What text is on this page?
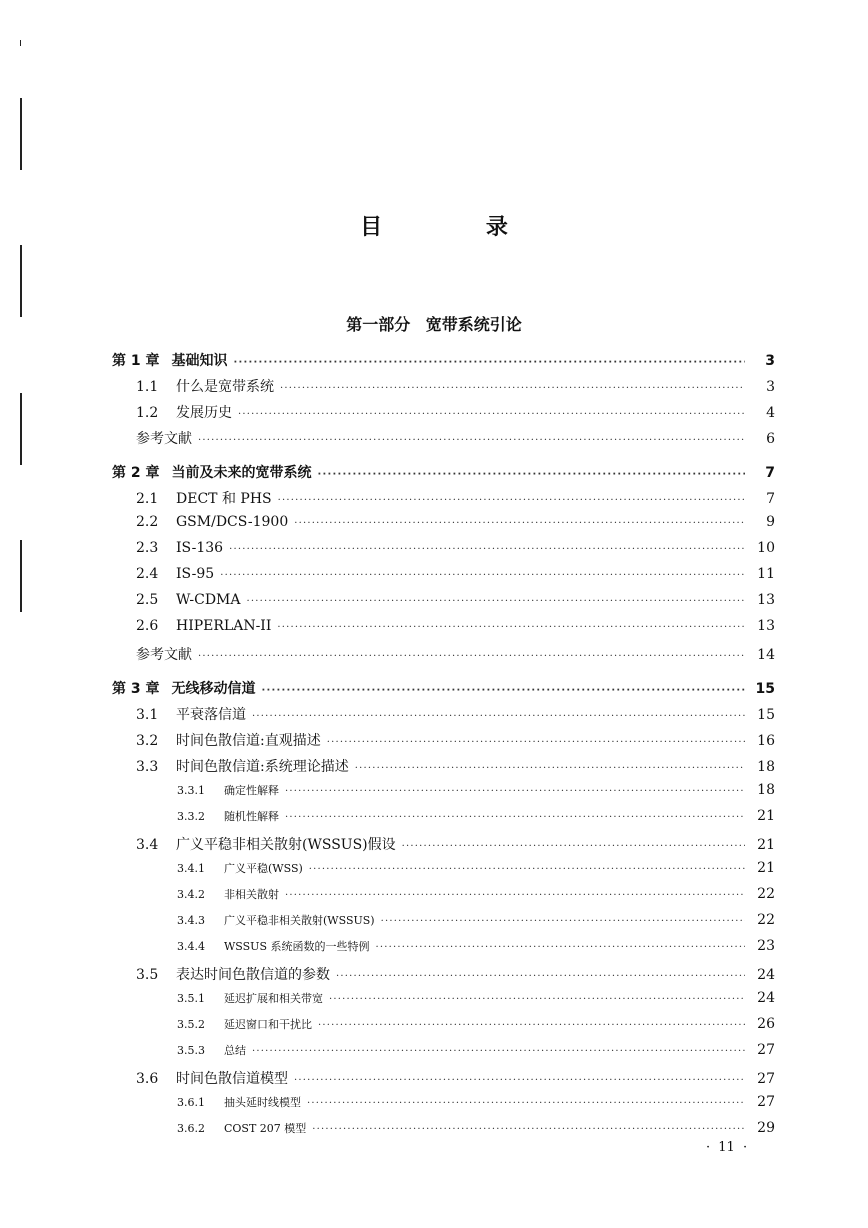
目 录
第一部分 宽带系统引论
第 1 章 基础知识 ·····	3
1.1	什么是宽带系统 ·····	3
1.2	发展历史 ·····	4
参考文献 ·····	6
第 2 章 当前及未来的宽带系统 ·····	7
2.1	DECT 和 PHS ·····	7
2.2	GSM/DCS-1900 ·····	9
2.3	IS-136 ·····	10
2.4	IS-95 ·····	11
2.5	W-CDMA ·····	13
2.6	HIPERLAN-II ·····	13
参考文献 ·····	14
第 3 章 无线移动信道 ·····	15
3.1	平衰落信道 ·····	15
3.2	时间色散信道:直观描述 ·····	16
3.3	时间色散信道:系统理论描述 ·····	18
3.3.1	确定性解释 ·····	18
3.3.2	随机性解释 ·····	21
3.4	广义平稳非相关散射(WSSUS)假设 ·····	21
3.4.1	广义平稳(WSS) ·····	21
3.4.2	非相关散射 ·····	22
3.4.3	广义平稳非相关散射(WSSUS) ·····	22
3.4.4	WSSUS 系统函数的一些特例 ·····	23
3.5	表达时间色散信道的参数 ·····	24
3.5.1	延迟扩展和相关带宽 ·····	24
3.5.2	延迟窗口和干扰比 ·····	26
3.5.3	总结 ·····	27
3.6	时间色散信道模型 ·····	27
3.6.1	抽头延时线模型 ·····	27
3.6.2	COST 207 模型 ·····	29
· 11 ·
